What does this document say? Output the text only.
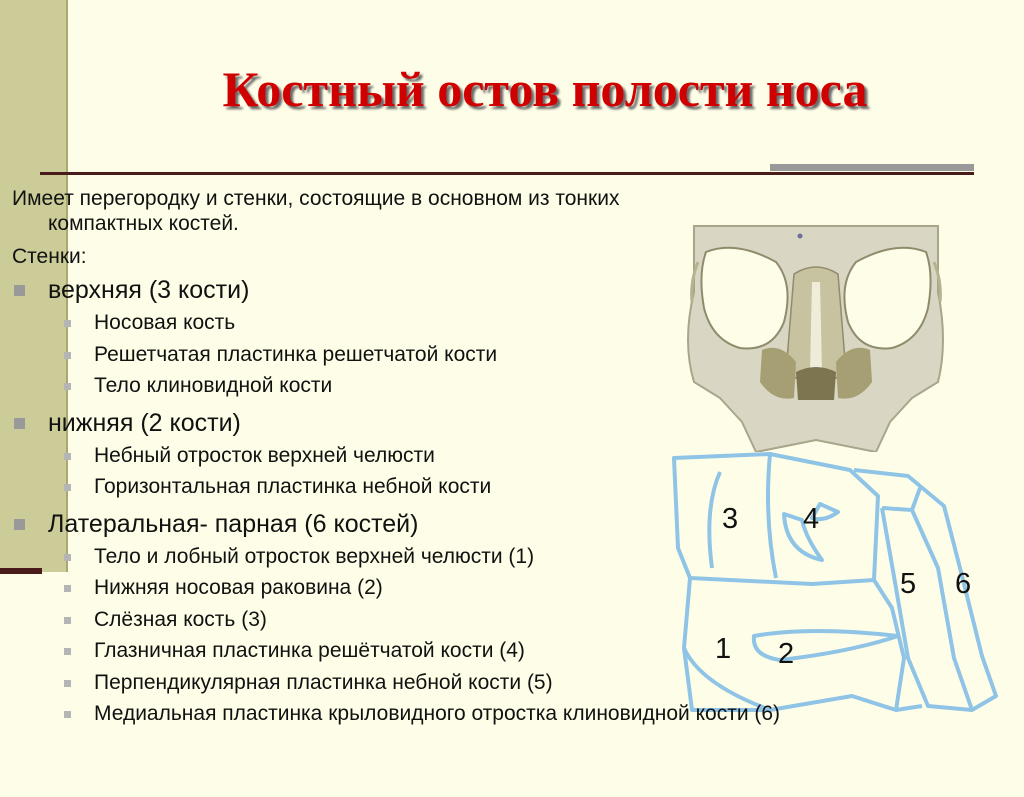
Костный остов полости носа
3 4
5 6
1 2

Имеет перегородку и стенки, состоящие в основном из тонких

компактных костей.

Стенки:

верхняя (3 кости)
Носовая кость
Решетчатая пластинка решетчатой кости
Тело клиновидной кости
нижняя (2 кости)
Небный отросток верхней челюсти
Горизонтальная пластинка небной кости
Латеральная- парная (6 костей)
Тело и лобный отросток верхней челюсти (1)
Нижняя носовая раковина (2)
Слёзная кость (3)
Глазничная пластинка решётчатой кости (4)
Перпендикулярная пластинка небной кости (5)
Медиальная пластинка крыловидного отростка клиновидной кости (6)
